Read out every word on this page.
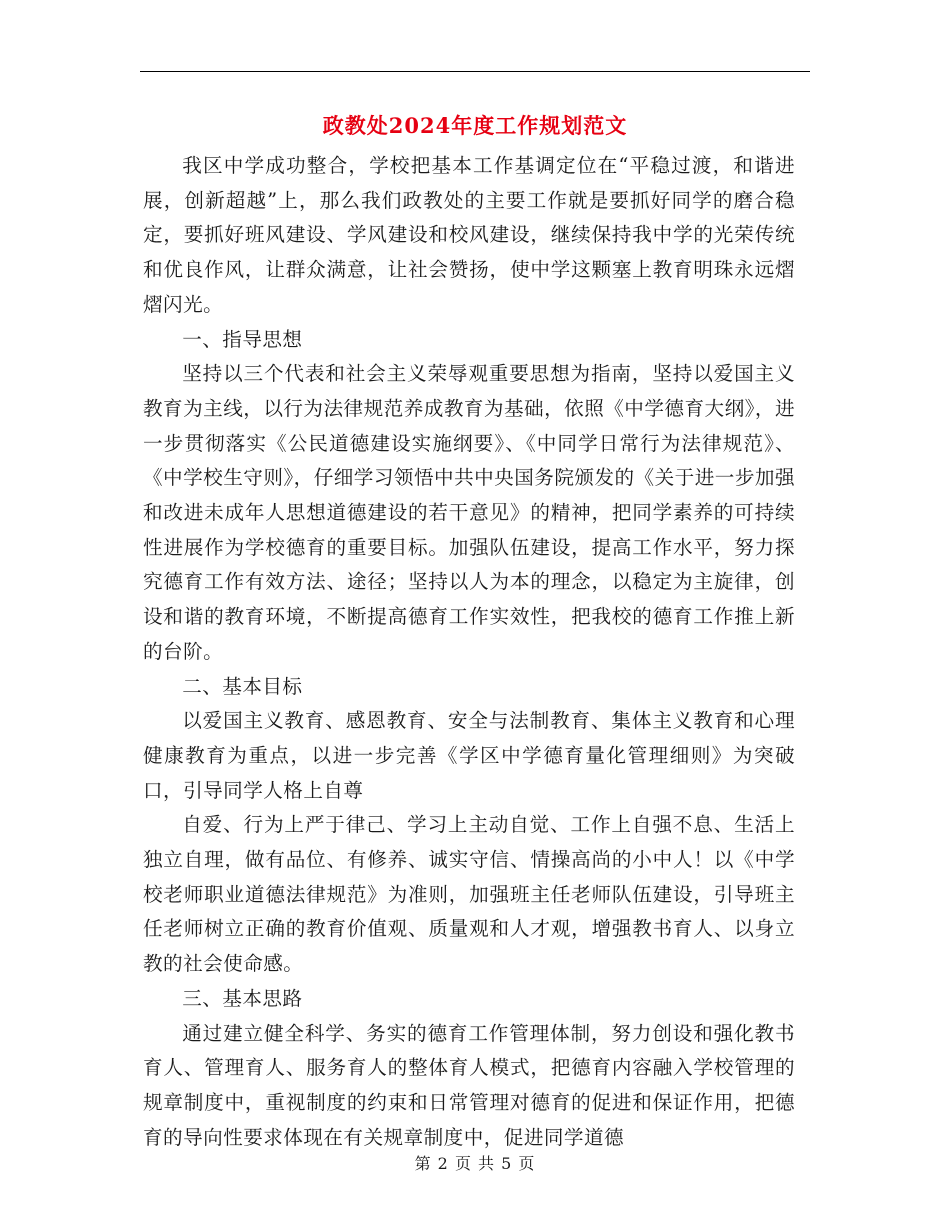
政教处2024年度工作规划范文

我区中学成功整合，学校把基本工作基调定位在“平稳过渡，和谐进展，创新超越”上，那么我们政教处的主要工作就是要抓好同学的磨合稳定，要抓好班风建设、学风建设和校风建设，继续保持我中学的光荣传统和优良作风，让群众满意，让社会赞扬，使中学这颗塞上教育明珠永远熠熠闪光。

一、指导思想

坚持以三个代表和社会主义荣辱观重要思想为指南，坚持以爱国主义教育为主线，以行为法律规范养成教育为基础，依照《中学德育大纲》，进一步贯彻落实《公民道德建设实施纲要》、《中同学日常行为法律规范》、《中学校生守则》，仔细学习领悟中共中央国务院颁发的《关于进一步加强和改进未成年人思想道德建设的若干意见》的精神，把同学素养的可持续性进展作为学校德育的重要目标。加强队伍建设，提高工作水平，努力探究德育工作有效方法、途径；坚持以人为本的理念，以稳定为主旋律，创设和谐的教育环境，不断提高德育工作实效性，把我校的德育工作推上新的台阶。

二、基本目标

以爱国主义教育、感恩教育、安全与法制教育、集体主义教育和心理健康教育为重点，以进一步完善《学区中学德育量化管理细则》为突破口，引导同学人格上自尊

自爱、行为上严于律己、学习上主动自觉、工作上自强不息、生活上独立自理，做有品位、有修养、诚实守信、情操高尚的小中人！以《中学校老师职业道德法律规范》为准则，加强班主任老师队伍建设，引导班主任老师树立正确的教育价值观、质量观和人才观，增强教书育人、以身立教的社会使命感。

三、基本思路

通过建立健全科学、务实的德育工作管理体制，努力创设和强化教书育人、管理育人、服务育人的整体育人模式，把德育内容融入学校管理的规章制度中，重视制度的约束和日常管理对德育的促进和保证作用，把德育的导向性要求体现在有关规章制度中，促进同学道德

第 2 页 共 5 页
